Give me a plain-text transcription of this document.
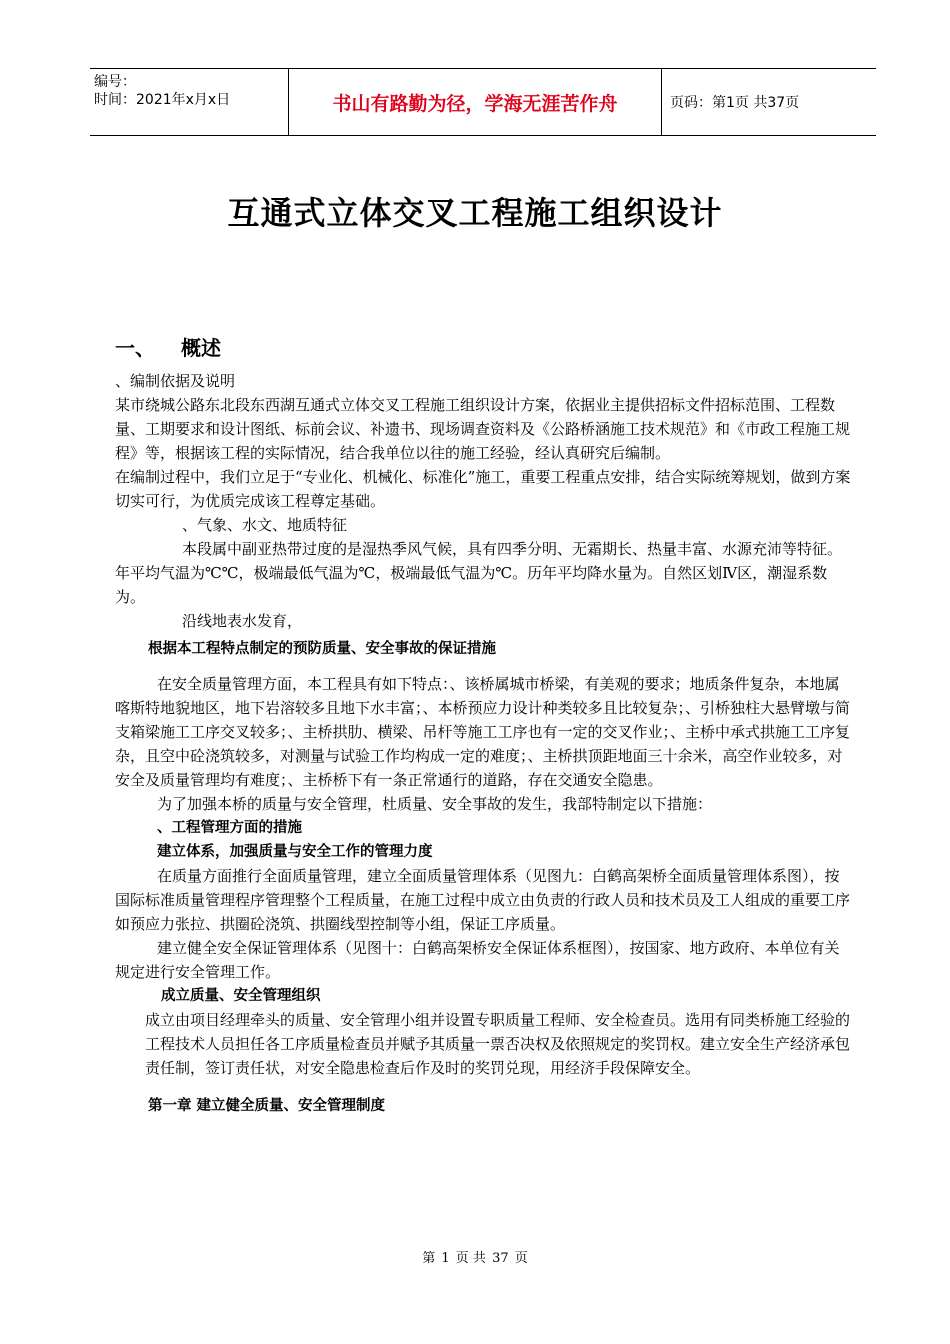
编号：
时间：2021年x月x日	书山有路勤为径，学海无涯苦作舟	页码：第1页 共37页
互通式立体交叉工程施工组织设计
一、 概述

、编制依据及说明

某市绕城公路东北段东西湖互通式立体交叉工程施工组织设计方案，依据业主提供招标文件招标范围、工程数量、工期要求和设计图纸、标前会议、补遗书、现场调查资料及《公路桥涵施工技术规范》和《市政工程施工规程》等，根据该工程的实际情况，结合我单位以往的施工经验，经认真研究后编制。

在编制过程中，我们立足于“专业化、机械化、标准化”施工，重要工程重点安排，结合实际统筹规划，做到方案切实可行，为优质完成该工程尊定基础。

、气象、水文、地质特征

本段属中副亚热带过度的是湿热季风气候，具有四季分明、无霜期长、热量丰富、水源充沛等特征。年平均气温为℃℃，极端最低气温为℃，极端最低气温为℃。历年平均降水量为。自然区划Ⅳ区，潮湿系数为。

沿线地表水发育，

根据本工程特点制定的预防质量、安全事故的保证措施

在安全质量管理方面，本工程具有如下特点：、该桥属城市桥梁，有美观的要求；地质条件复杂，本地属喀斯特地貌地区，地下岩溶较多且地下水丰富；、本桥预应力设计种类较多且比较复杂；、引桥独柱大悬臂墩与简支箱梁施工工序交叉较多；、主桥拱肋、横梁、吊杆等施工工序也有一定的交叉作业；、主桥中承式拱施工工序复杂，且空中砼浇筑较多，对测量与试验工作均构成一定的难度；、主桥拱顶距地面三十余米，高空作业较多，对安全及质量管理均有难度；、主桥桥下有一条正常通行的道路，存在交通安全隐患。

为了加强本桥的质量与安全管理，杜质量、安全事故的发生，我部特制定以下措施：

、工程管理方面的措施

建立体系，加强质量与安全工作的管理力度

在质量方面推行全面质量管理，建立全面质量管理体系（见图九：白鹤高架桥全面质量管理体系图），按国际标准质量管理程序管理整个工程质量，在施工过程中成立由负责的行政人员和技术员及工人组成的重要工序如预应力张拉、拱圈砼浇筑、拱圈线型控制等小组，保证工序质量。

建立健全安全保证管理体系（见图十：白鹤高架桥安全保证体系框图），按国家、地方政府、本单位有关规定进行安全管理工作。

成立质量、安全管理组织

成立由项目经理牵头的质量、安全管理小组并设置专职质量工程师、安全检查员。选用有同类桥施工经验的工程技术人员担任各工序质量检查员并赋予其质量一票否决权及依照规定的奖罚权。建立安全生产经济承包责任制，签订责任状，对安全隐患检查后作及时的奖罚兑现，用经济手段保障安全。

第一章 建立健全质量、安全管理制度

第 1 页 共 37 页
